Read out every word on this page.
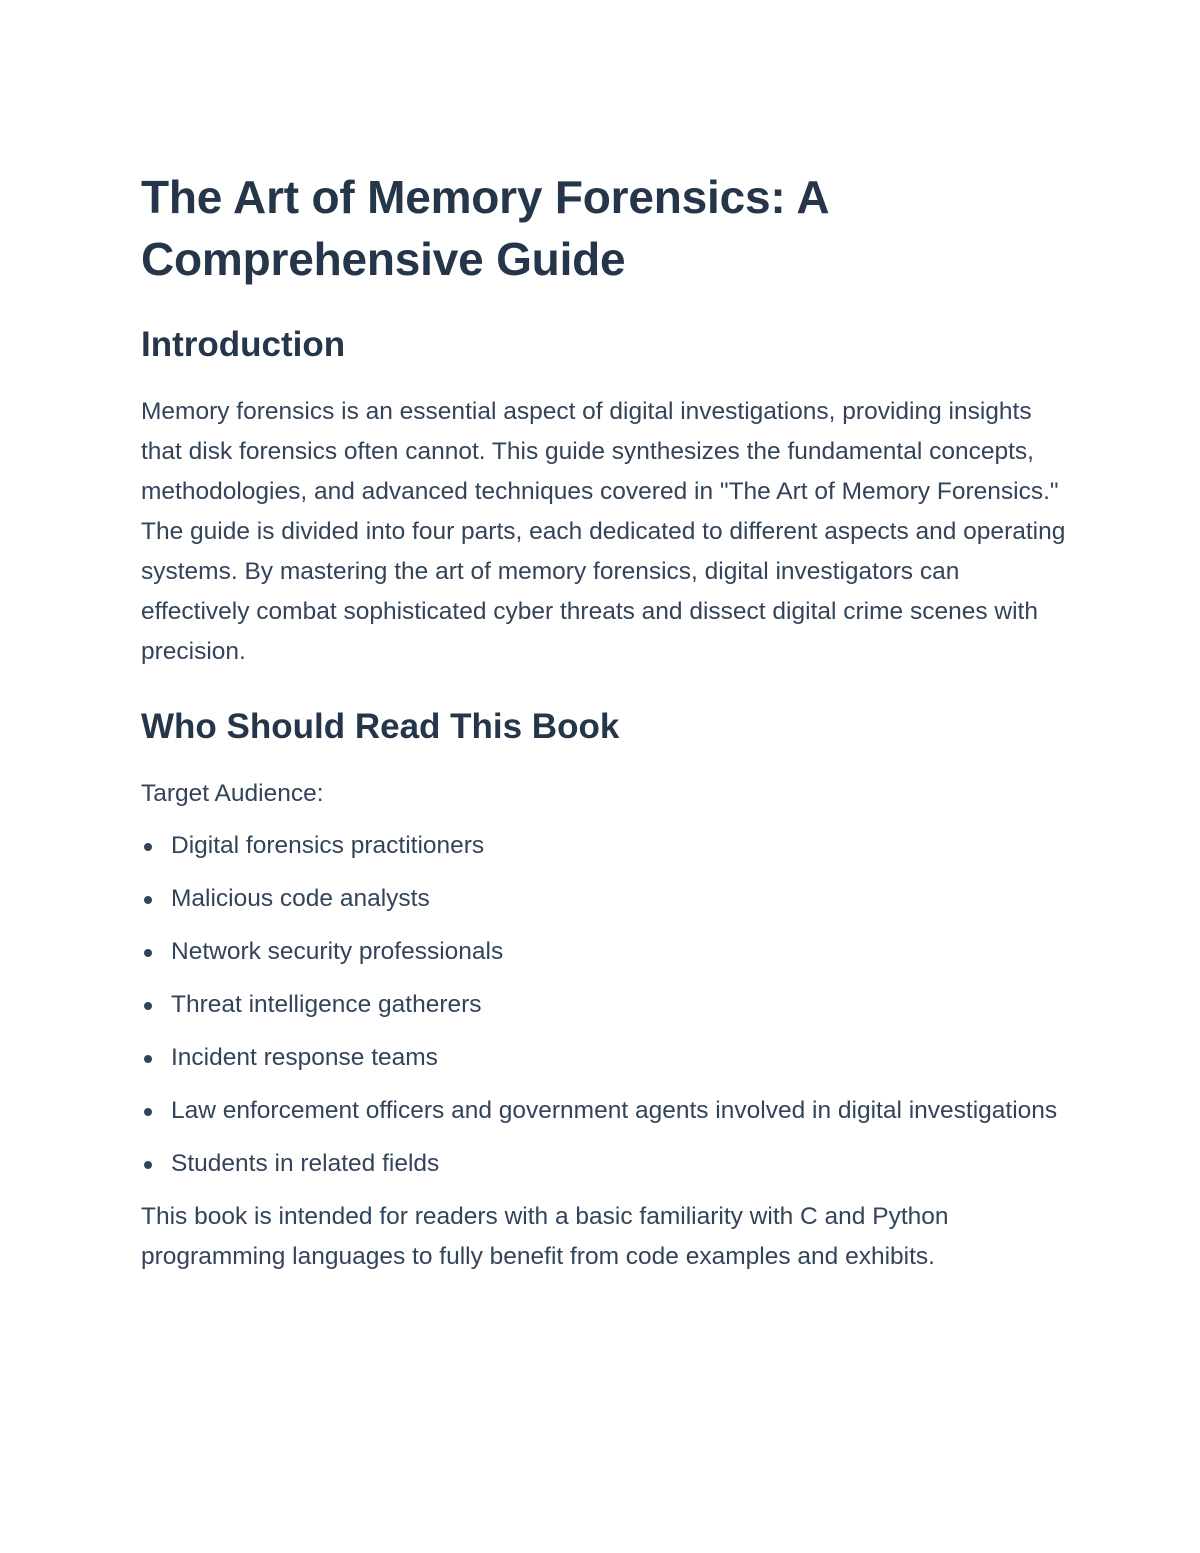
The Art of Memory Forensics: A Comprehensive Guide
Introduction

Memory forensics is an essential aspect of digital investigations, providing insights that disk forensics often cannot. This guide synthesizes the fundamental concepts, methodologies, and advanced techniques covered in "The Art of Memory Forensics." The guide is divided into four parts, each dedicated to different aspects and operating systems. By mastering the art of memory forensics, digital investigators can effectively combat sophisticated cyber threats and dissect digital crime scenes with precision.

Who Should Read This Book

Target Audience:

Digital forensics practitioners
Malicious code analysts
Network security professionals
Threat intelligence gatherers
Incident response teams
Law enforcement officers and government agents involved in digital investigations
Students in related fields

This book is intended for readers with a basic familiarity with C and Python programming languages to fully benefit from code examples and exhibits.
